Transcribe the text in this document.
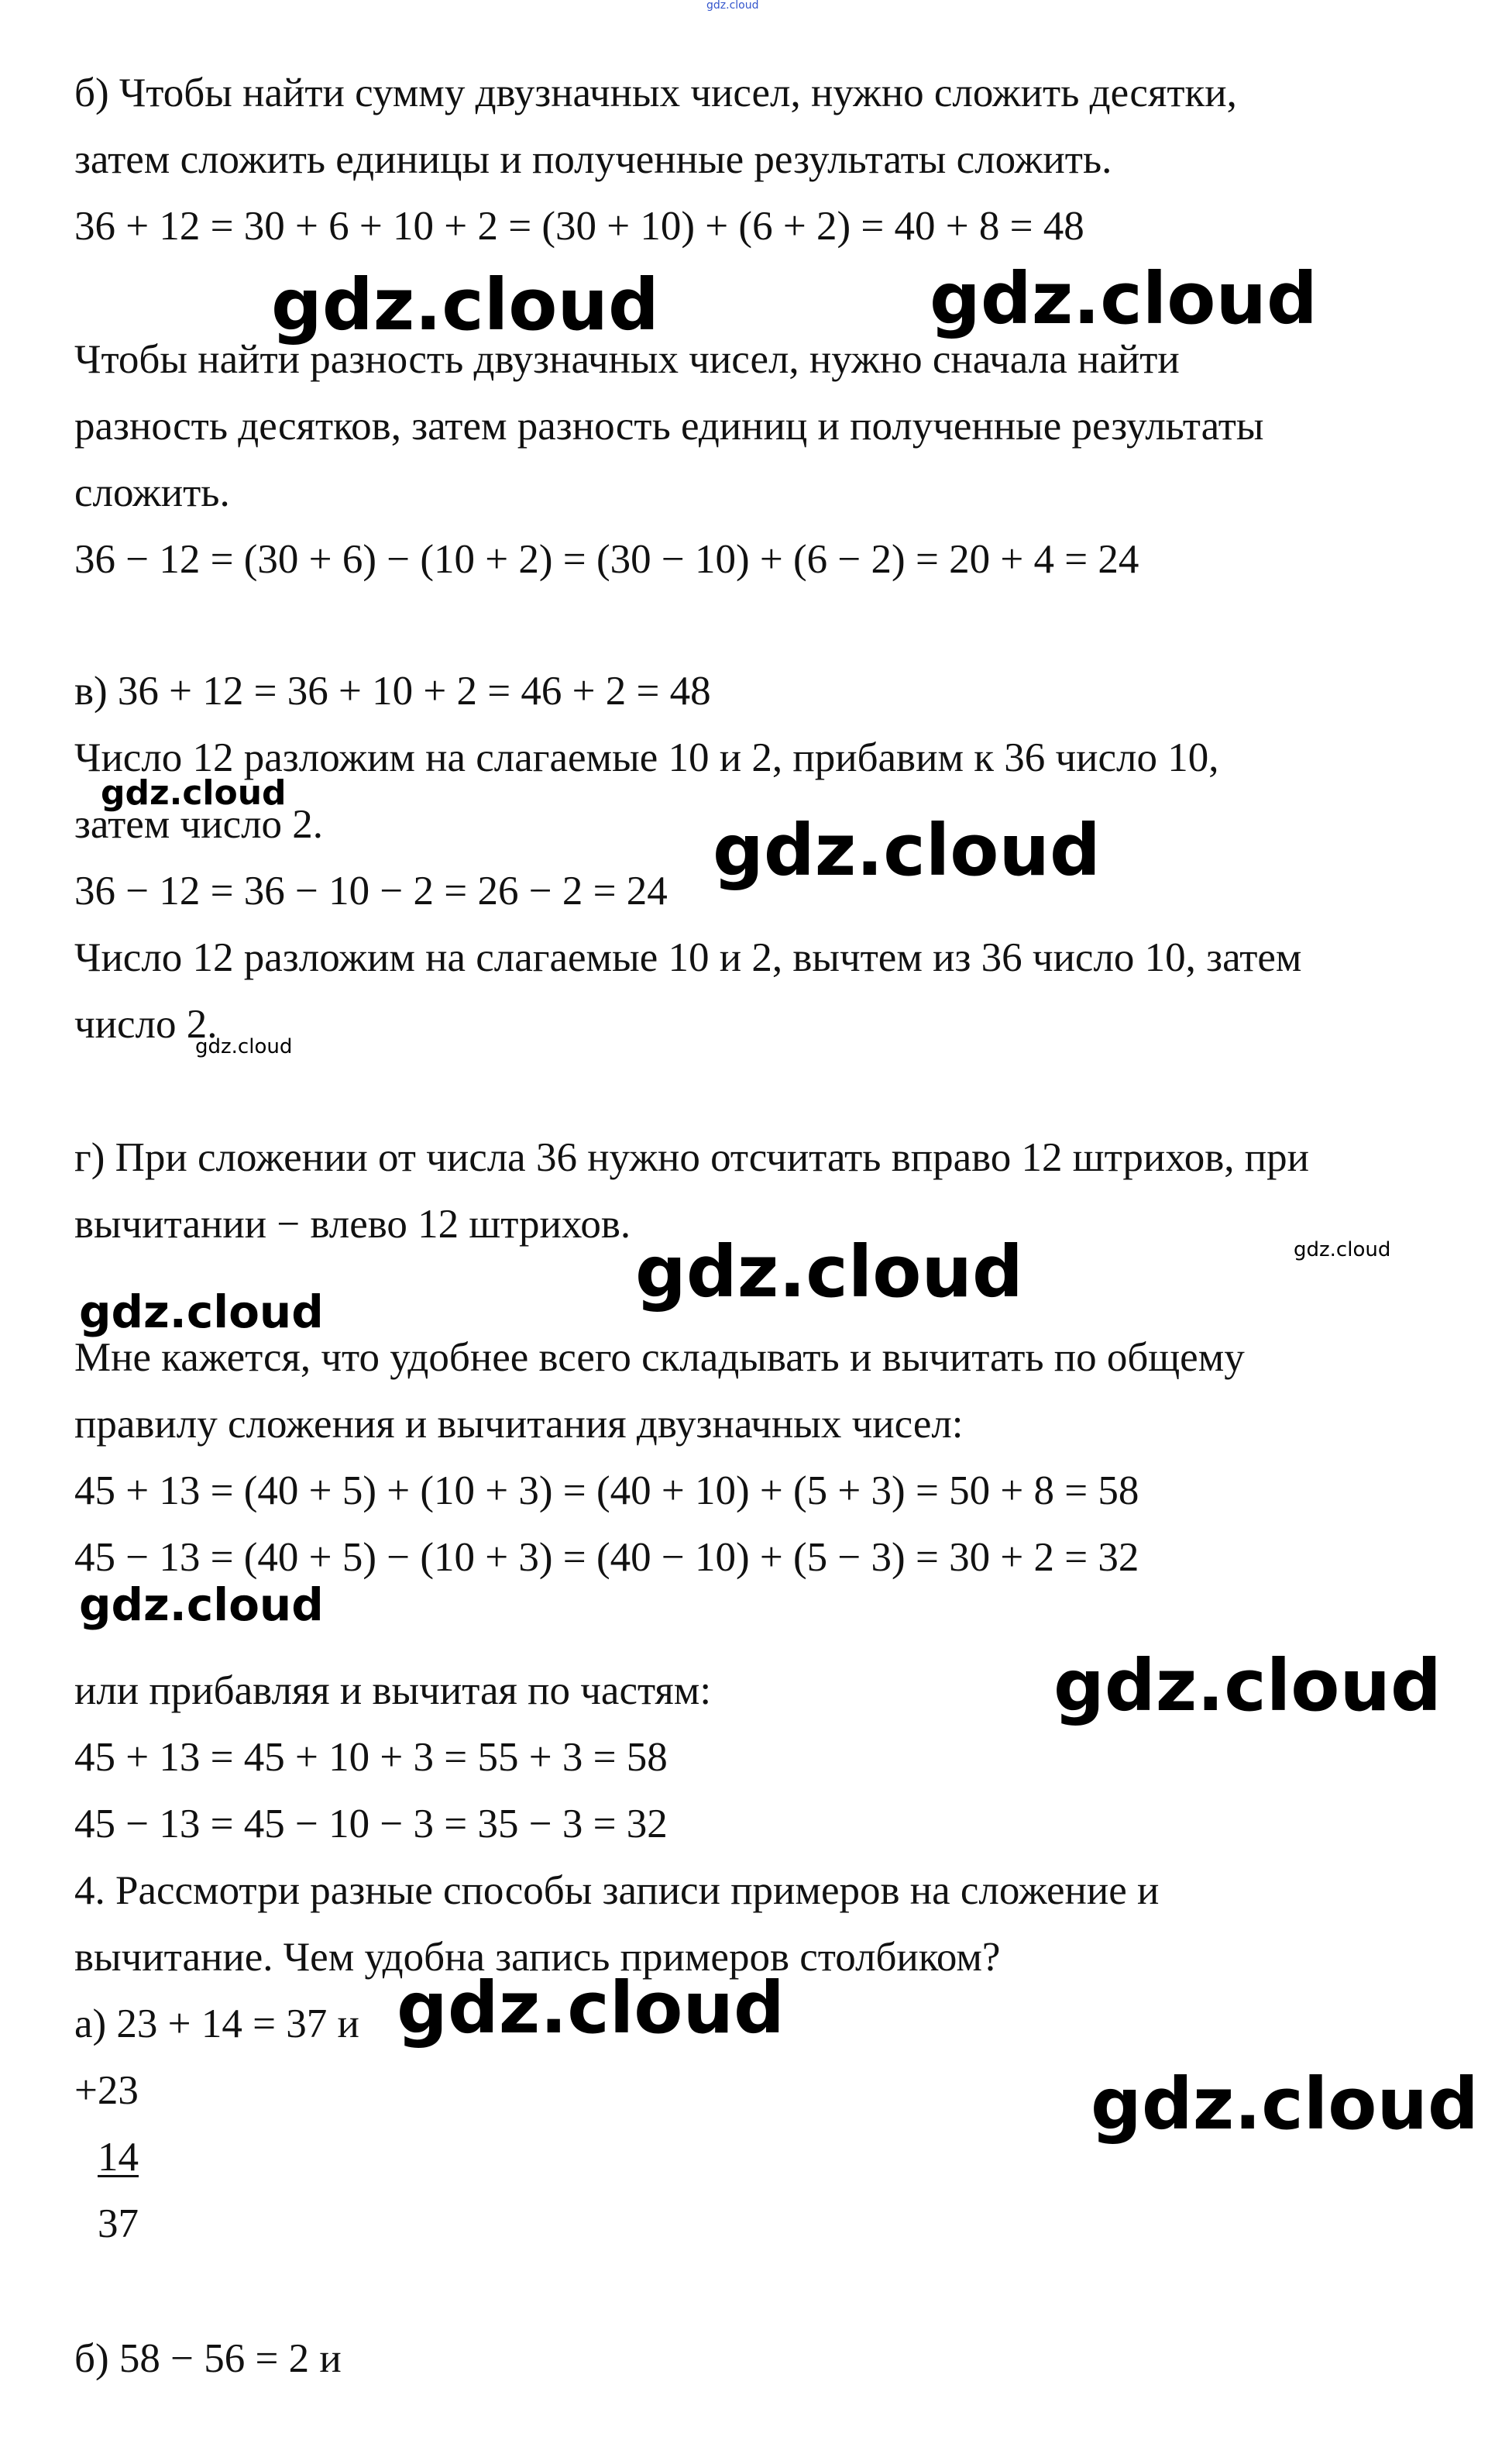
gdz.cloud
б) Чтобы найти сумму двузначных чисел, нужно сложить десятки,
затем сложить единицы и полученные результаты сложить.
36 + 12 = 30 + 6 + 10 + 2 = (30 + 10) + (6 + 2) = 40 + 8 = 48
Чтобы найти разность двузначных чисел, нужно сначала найти
разность десятков, затем разность единиц и полученные результаты
сложить.
36 − 12 = (30 + 6) − (10 + 2) = (30 − 10) + (6 − 2) = 20 + 4 = 24
в) 36 + 12 = 36 + 10 + 2 = 46 + 2 = 48
Число 12 разложим на слагаемые 10 и 2, прибавим к 36 число 10,
затем число 2.
36 − 12 = 36 − 10 − 2 = 26 − 2 = 24
Число 12 разложим на слагаемые 10 и 2, вычтем из 36 число 10, затем
число 2.
г) При сложении от числа 36 нужно отсчитать вправо 12 штрихов, при
вычитании − влево 12 штрихов.
Мне кажется, что удобнее всего складывать и вычитать по общему
правилу сложения и вычитания двузначных чисел:
45 + 13 = (40 + 5) + (10 + 3) = (40 + 10) + (5 + 3) = 50 + 8 = 58
45 − 13 = (40 + 5) − (10 + 3) = (40 − 10) + (5 − 3) = 30 + 2 = 32
или прибавляя и вычитая по частям:
45 + 13 = 45 + 10 + 3 = 55 + 3 = 58
45 − 13 = 45 − 10 − 3 = 35 − 3 = 32
4. Рассмотри разные способы записи примеров на сложение и
вычитание. Чем удобна запись примеров столбиком?
а) 23 + 14 = 37 и
+23
14
37
б) 58 − 56 = 2 и
gdz.cloud	gdz.cloud
gdz.cloud
gdz.cloud
gdz.cloud
gdz.cloud
gdz.cloud
gdz.cloud
gdz.cloud
gdz.cloud
gdz.cloud
gdz.cloud
